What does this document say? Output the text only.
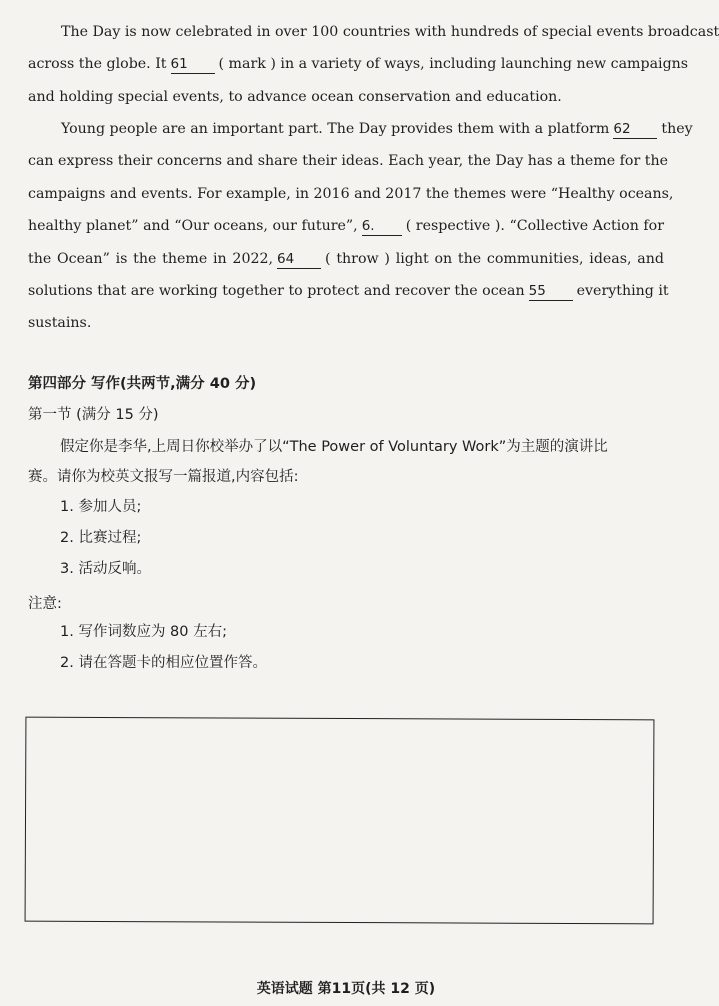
The Day is now celebrated in over 100 countries with hundreds of special events broadcast
across the globe. It 61 ( mark ) in a variety of ways, including launching new campaigns
and holding special events, to advance ocean conservation and education.
Young people are an important part. The Day provides them with a platform 62 they
can express their concerns and share their ideas. Each year, the Day has a theme for the
campaigns and events. For example, in 2016 and 2017 the themes were “Healthy oceans,
healthy planet” and “Our oceans, our future”, 6. ( respective ). “Collective Action for
the Ocean” is the theme in 2022, 64 ( throw ) light on the communities, ideas, and
solutions that are working together to protect and recover the ocean 55 everything it
sustains.
第四部分 写作(共两节,满分 40 分)
第一节 (满分 15 分)
假定你是李华,上周日你校举办了以“The Power of Voluntary Work”为主题的演讲比
赛。请你为校英文报写一篇报道,内容包括:
1. 参加人员;
2. 比赛过程;
3. 活动反响。
注意:
1. 写作词数应为 80 左右;
2. 请在答题卡的相应位置作答。
英语试题 第11页(共 12 页)
